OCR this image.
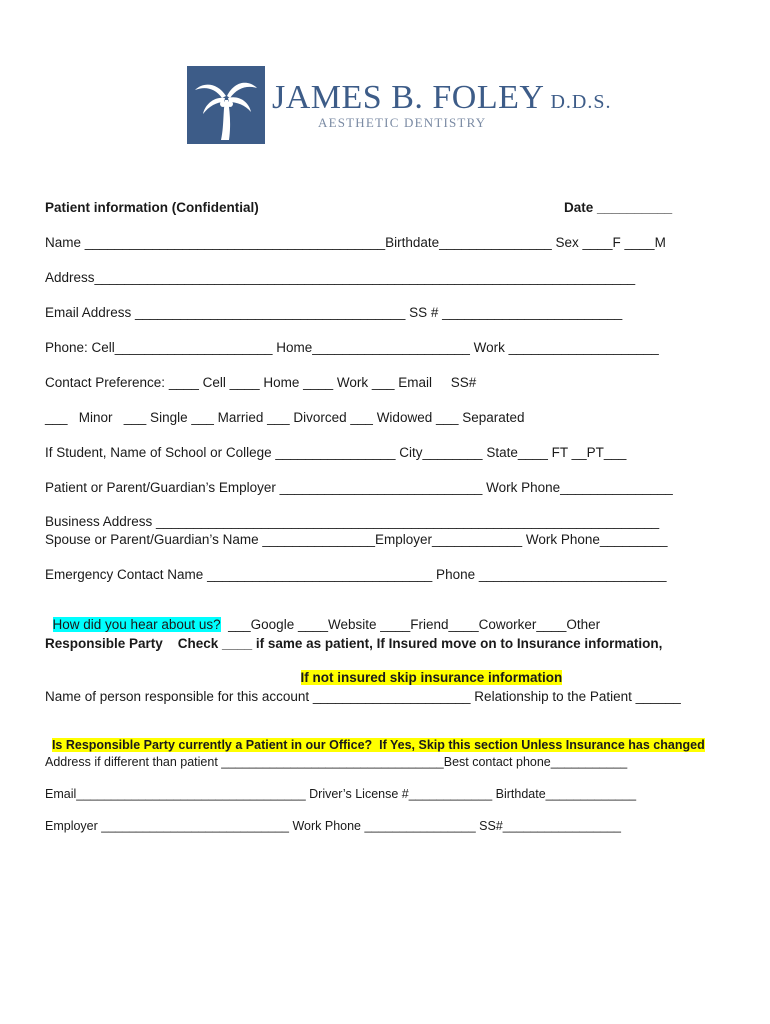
JAMES B. FOLEY D.D.S.
AESTHETIC DENTISTRY
Patient information (Confidential)	Date __________
Name ________________________________________Birthdate_______________ Sex ____F ____M
Address________________________________________________________________________
Email Address ____________________________________ SS # ________________________
Phone: Cell_____________________ Home_____________________ Work ____________________
Contact Preference: ____ Cell ____ Home ____ Work ___ Email     SS#
___   Minor   ___ Single ___ Married ___ Divorced ___ Widowed ___ Separated
If Student, Name of School or College ________________ City________ State____ FT __PT___
Patient or Parent/Guardian’s Employer ___________________________ Work Phone_______________
Business Address ___________________________________________________________________
Spouse or Parent/Guardian’s Name _______________Employer____________ Work Phone_________
Emergency Contact Name ______________________________ Phone _________________________

How did you hear about us?  ___Google ____Website ____Friend____Coworker____Other

Responsible Party    Check ____ if same as patient, If Insured move on to Insurance information,

If not insured skip insurance information

Name of person responsible for this account _____________________ Relationship to the Patient ______

Is Responsible Party currently a Patient in our Office?  If Yes, Skip this section Unless Insurance has changed

Address if different than patient ________________________________Best contact phone___________
Email_________________________________ Driver’s License #____________ Birthdate_____________
Employer ___________________________ Work Phone ________________ SS#_________________
